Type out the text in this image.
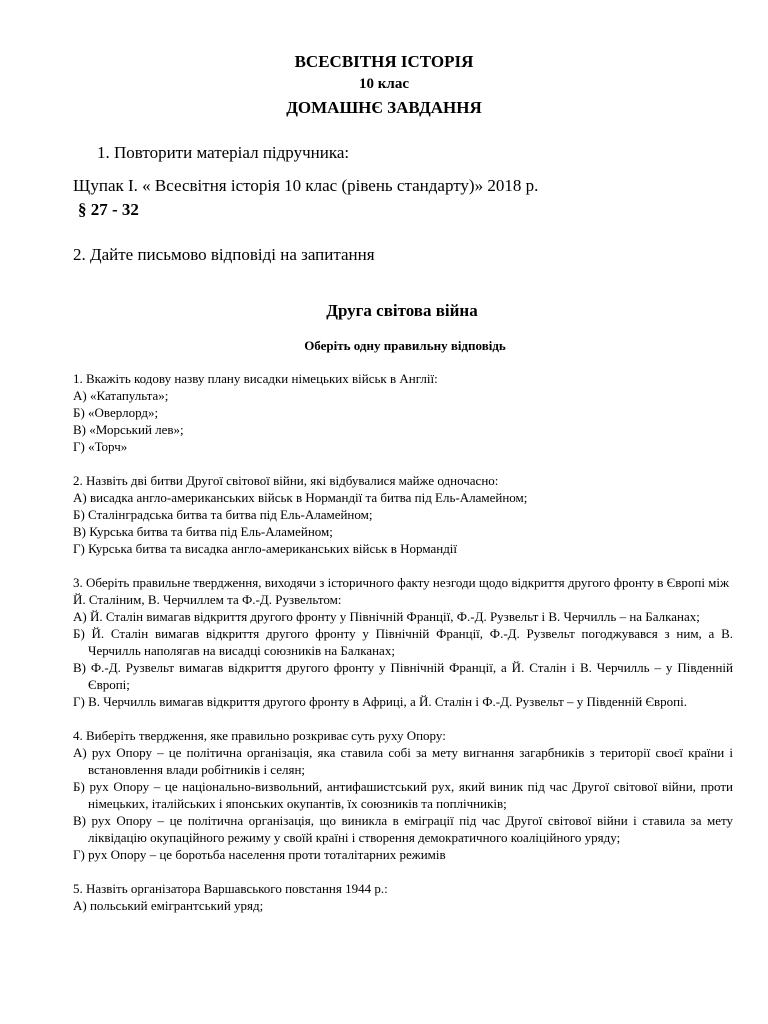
ВСЕСВІТНЯ ІСТОРІЯ
10 клас
ДОМАШНЄ ЗАВДАННЯ
1. Повторити матеріал підручника:
Щупак І. « Всесвітня історія 10 клас (рівень стандарту)» 2018 р.
§ 27 - 32
2. Дайте письмово відповіді на запитання
Друга світова війна
Оберіть одну правильну відповідь
1. Вкажіть кодову назву плану висадки німецьких військ в Англії:
А) «Катапульта»;
Б) «Оверлорд»;
В) «Морський лев»;
Г) «Торч»
2. Назвіть дві битви Другої світової війни, які відбувалися майже одночасно:
А) висадка англо-американських військ в Нормандії та битва під Ель-Аламейном;
Б) Сталінградська битва та битва під Ель-Аламейном;
В) Курська битва та битва під Ель-Аламейном;
Г) Курська битва та висадка англо-американських військ в Нормандії
3. Оберіть правильне твердження, виходячи з історичного факту незгоди щодо відкриття другого фронту в Європі між Й. Сталіним, В. Черчиллем та Ф.-Д. Рузвельтом:
А) Й. Сталін вимагав відкриття другого фронту у Північній Франції, Ф.-Д. Рузвельт і В. Черчилль – на Балканах;
Б) Й. Сталін вимагав відкриття другого фронту у Північній Франції, Ф.-Д. Рузвельт погоджувався з ним, а В. Черчилль наполягав на висадці союзників на Балканах;
В) Ф.-Д. Рузвельт вимагав відкриття другого фронту у Північній Франції, а Й. Сталін і В. Черчилль – у Південній Європі;
Г) В. Черчилль вимагав відкриття другого фронту в Африці, а Й. Сталін і Ф.-Д. Рузвельт – у Південній Європі.
4. Виберіть твердження, яке правильно розкриває суть руху Опору:
А) рух Опору – це політична організація, яка ставила собі за мету вигнання загарбників з території своєї країни і встановлення влади робітників і селян;
Б) рух Опору – це національно-визвольний, антифашистський рух, який виник під час Другої світової війни, проти німецьких, італійських і японських окупантів, їх союзників та поплічників;
В) рух Опору – це політична організація, що виникла в еміграції під час Другої світової війни і ставила за мету ліквідацію окупаційного режиму у своїй країні і створення демократичного коаліційного уряду;
Г) рух Опору – це боротьба населення проти тоталітарних режимів
5. Назвіть організатора Варшавського повстання 1944 р.:
А) польський емігрантський уряд;
